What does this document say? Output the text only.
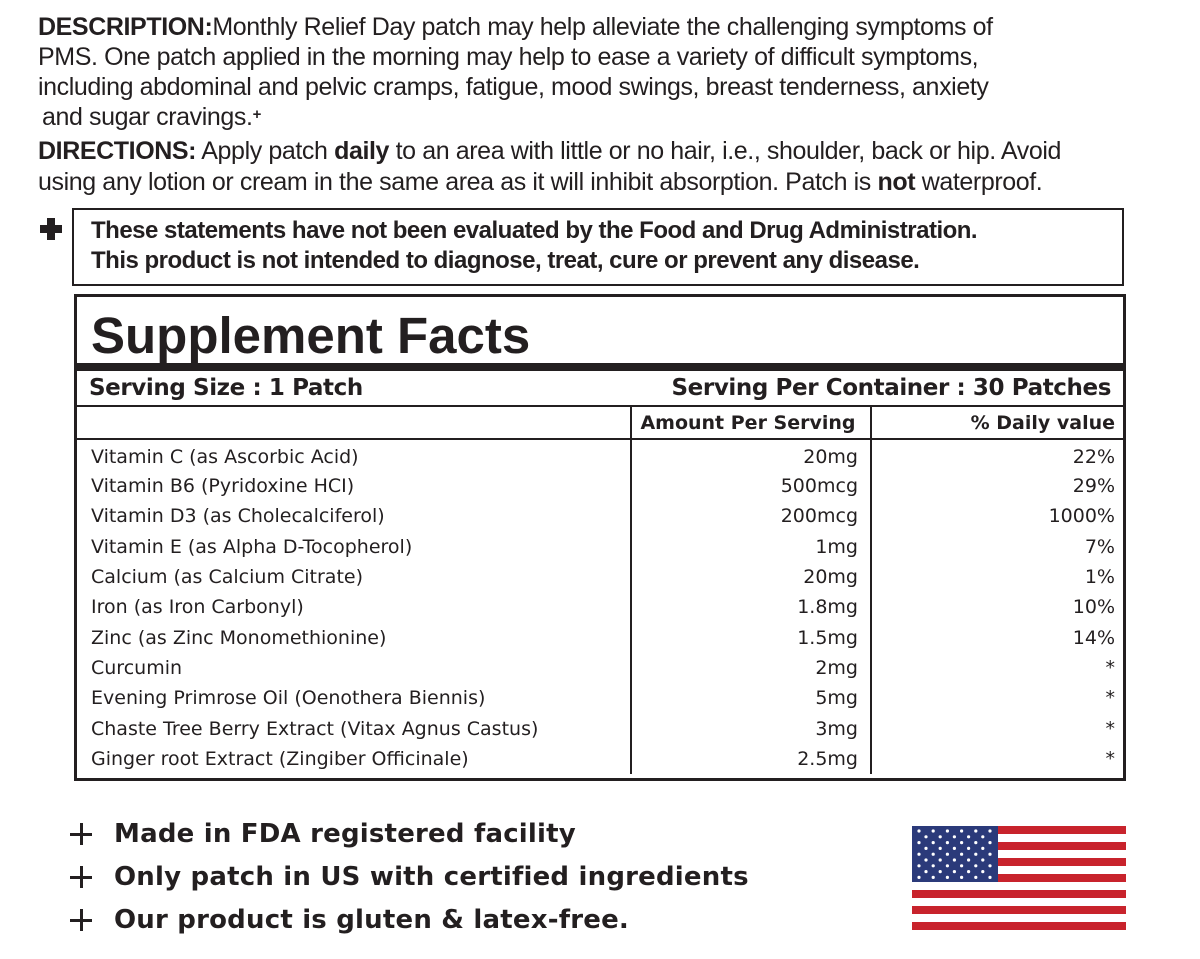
DESCRIPTION:Monthly Relief Day patch may help alleviate the challenging symptoms of
PMS. One patch applied in the morning may help to ease a variety of difficult symptoms,
including abdominal and pelvic cramps, fatigue, mood swings, breast tenderness, anxiety
and sugar cravings.+
DIRECTIONS: Apply patch daily to an area with little or no hair, i.e., shoulder, back or hip. Avoid
using any lotion or cream in the same area as it will inhibit absorption. Patch is not waterproof.
These statements have not been evaluated by the Food and Drug Administration.
This product is not intended to diagnose, treat, cure or prevent any disease.
Supplement Facts
Serving Size : 1 Patch	Serving Per Container : 30 Patches
	Amount Per Serving	% Daily value
Vitamin C (as Ascorbic Acid)	20mg	22%
Vitamin B6 (Pyridoxine HCI)	500mcg	29%
Vitamin D3 (as Cholecalciferol)	200mcg	1000%
Vitamin E (as Alpha D-Tocopherol)	1mg	7%
Calcium (as Calcium Citrate)	20mg	1%
Iron (as Iron Carbonyl)	1.8mg	10%
Zinc (as Zinc Monomethionine)	1.5mg	14%
Curcumin	2mg	*
Evening Primrose Oil (Oenothera Biennis)	5mg	*
Chaste Tree Berry Extract (Vitax Agnus Castus)	3mg	*
Ginger root Extract (Zingiber Officinale)	2.5mg	*
Made in FDA registered facility
Only patch in US with certified ingredients
Our product is gluten & latex-free.
